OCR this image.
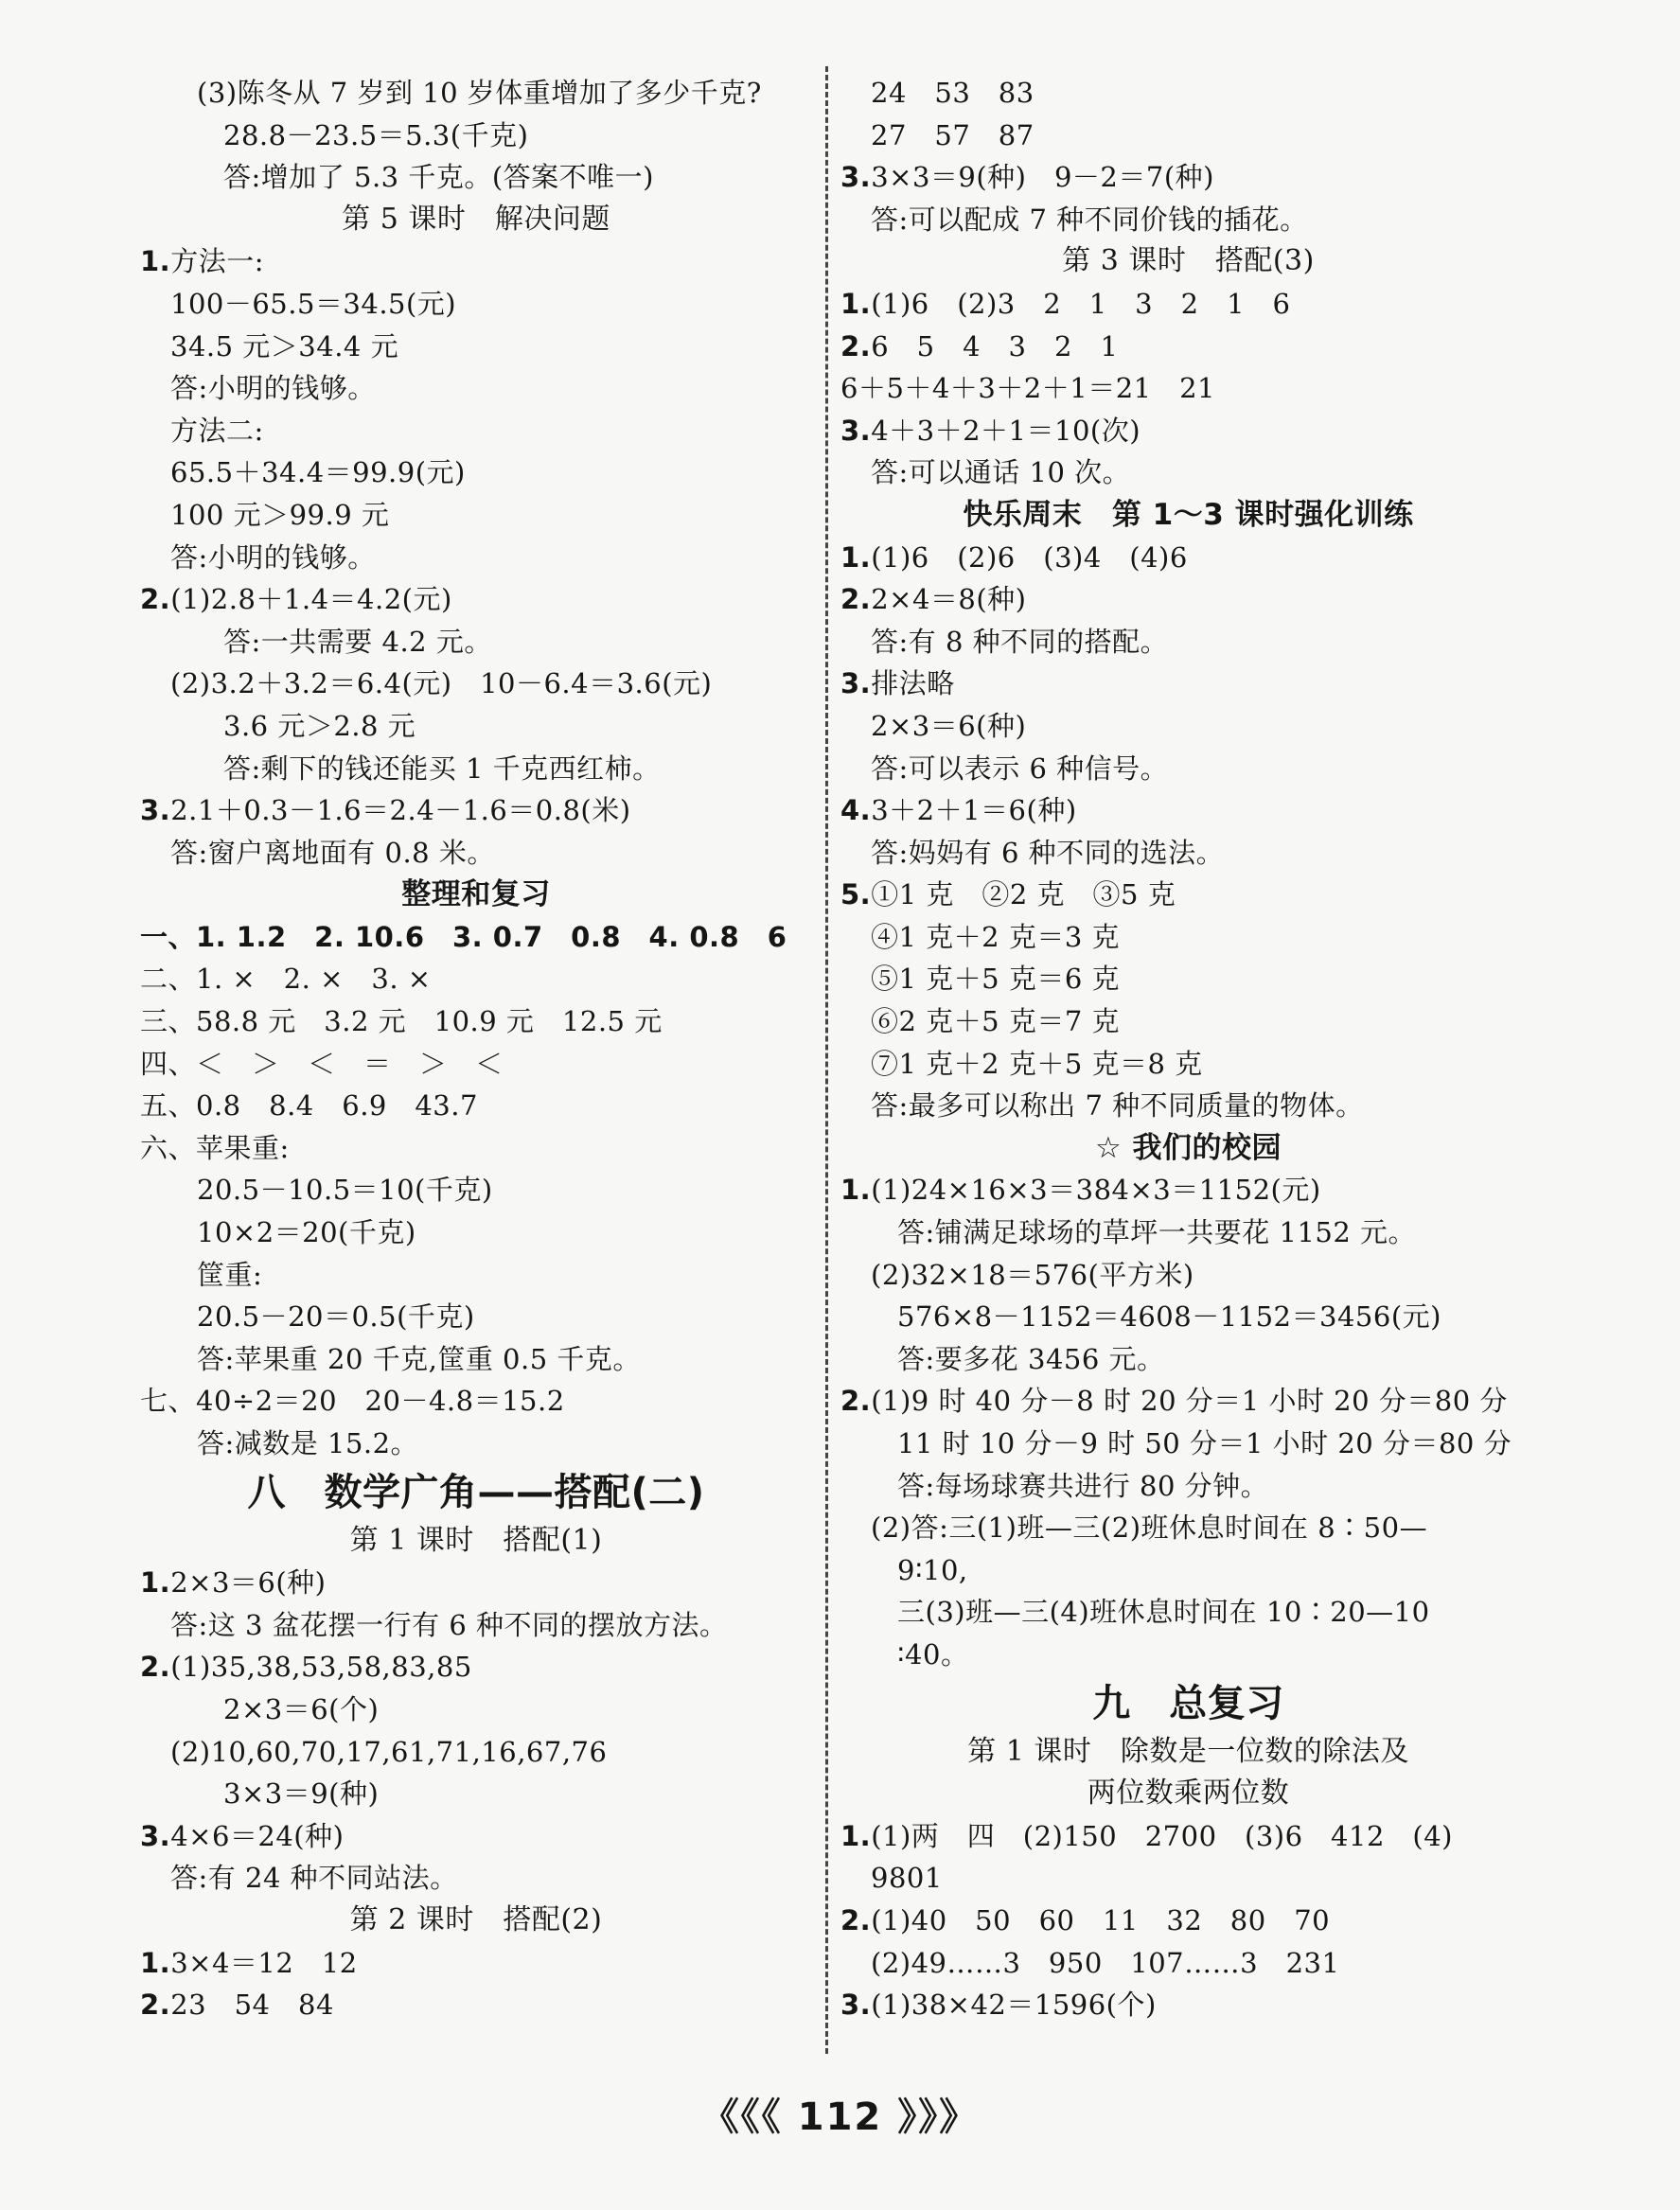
(3)陈冬从 7 岁到 10 岁体重增加了多少千克?
28.8－23.5＝5.3(千克)
答:增加了 5.3 千克。(答案不唯一)
第 5 课时　解决问题
1.方法一:
100－65.5＝34.5(元)
34.5 元＞34.4 元
答:小明的钱够。
方法二:
65.5＋34.4＝99.9(元)
100 元＞99.9 元
答:小明的钱够。
2.(1)2.8＋1.4＝4.2(元)
答:一共需要 4.2 元。
(2)3.2＋3.2＝6.4(元)　10－6.4＝3.6(元)
3.6 元＞2.8 元
答:剩下的钱还能买 1 千克西红柿。
3.2.1＋0.3－1.6＝2.4－1.6＝0.8(米)
答:窗户离地面有 0.8 米。
整理和复习
一、1. 1.2　2. 10.6　3. 0.7　0.8　4. 0.8　6
二、1. ×　2. ×　3. ×
三、58.8 元　3.2 元　10.9 元　12.5 元
四、＜　＞　＜　＝　＞　＜
五、0.8　8.4　6.9　43.7
六、苹果重:
20.5－10.5＝10(千克)
10×2＝20(千克)
筐重:
20.5－20＝0.5(千克)
答:苹果重 20 千克,筐重 0.5 千克。
七、40÷2＝20　20－4.8＝15.2
答:减数是 15.2。
八　数学广角——搭配(二)
第 1 课时　搭配(1)
1.2×3＝6(种)
答:这 3 盆花摆一行有 6 种不同的摆放方法。
2.(1)35,38,53,58,83,85
2×3＝6(个)
(2)10,60,70,17,61,71,16,67,76
3×3＝9(种)
3.4×6＝24(种)
答:有 24 种不同站法。
第 2 课时　搭配(2)
1.3×4＝12　12
2.23　54　84
24　53　83
27　57　87
3.3×3＝9(种)　9－2＝7(种)
答:可以配成 7 种不同价钱的插花。
第 3 课时　搭配(3)
1.(1)6　(2)3　2　1　3　2　1　6
2.6　5　4　3　2　1
6＋5＋4＋3＋2＋1＝21　21
3.4＋3＋2＋1＝10(次)
答:可以通话 10 次。
快乐周末　第 1～3 课时强化训练
1.(1)6　(2)6　(3)4　(4)6
2.2×4＝8(种)
答:有 8 种不同的搭配。
3.排法略
2×3＝6(种)
答:可以表示 6 种信号。
4.3＋2＋1＝6(种)
答:妈妈有 6 种不同的选法。
5.①1 克　②2 克　③5 克
④1 克＋2 克＝3 克
⑤1 克＋5 克＝6 克
⑥2 克＋5 克＝7 克
⑦1 克＋2 克＋5 克＝8 克
答:最多可以称出 7 种不同质量的物体。
☆ 我们的校园
1.(1)24×16×3＝384×3＝1152(元)
答:铺满足球场的草坪一共要花 1152 元。
(2)32×18＝576(平方米)
576×8－1152＝4608－1152＝3456(元)
答:要多花 3456 元。
2.(1)9 时 40 分－8 时 20 分＝1 小时 20 分＝80 分
11 时 10 分－9 时 50 分＝1 小时 20 分＝80 分
答:每场球赛共进行 80 分钟。
(2)答:三(1)班—三(2)班休息时间在 8∶50—
9∶10,
三(3)班—三(4)班休息时间在 10∶20—10
∶40。
九　总复习
第 1 课时　除数是一位数的除法及
两位数乘两位数
1.(1)两　四　(2)150　2700　(3)6　412　(4)
9801
2.(1)40　50　60　11　32　80　70
(2)49……3　950　107……3　231
3.(1)38×42＝1596(个)
《《《 112 》》》
